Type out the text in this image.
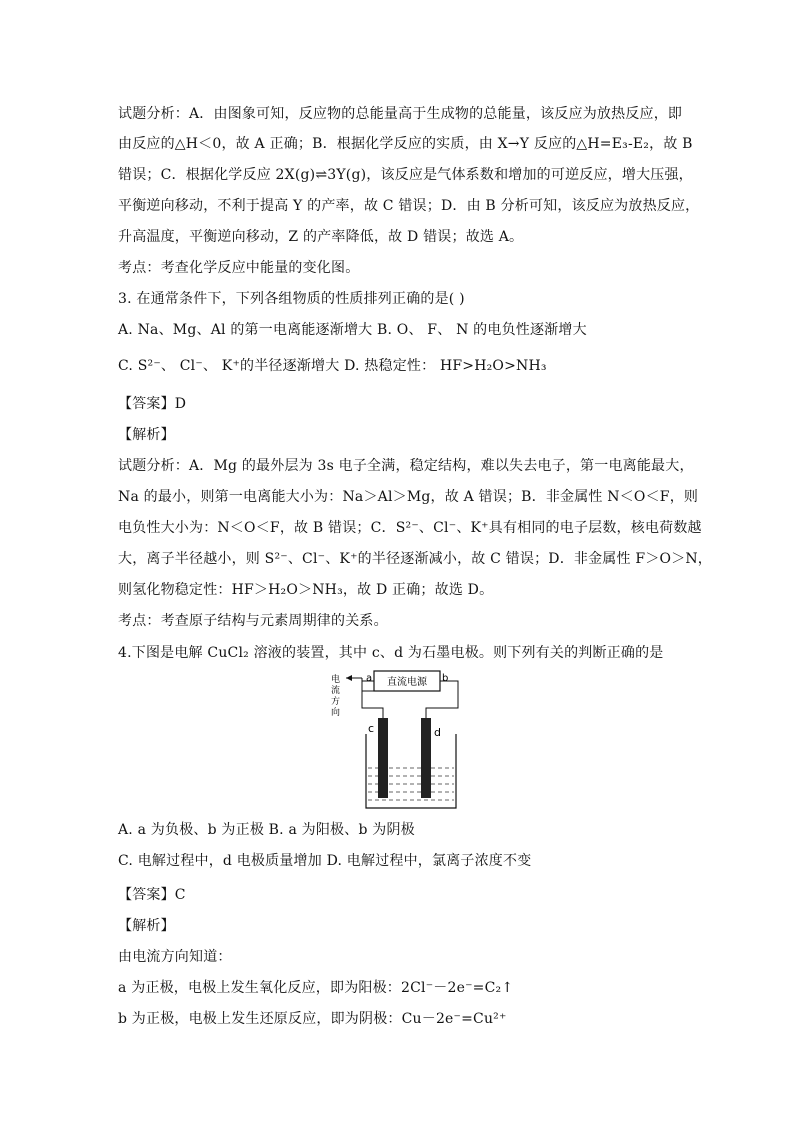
试题分析：A．由图象可知，反应物的总能量高于生成物的总能量，该反应为放热反应，即
由反应的△H＜0，故 A 正确；B．根据化学反应的实质，由 X→Y 反应的△H=E₃-E₂，故 B
错误；C．根据化学反应 2X(g)⇌3Y(g)，该反应是气体系数和增加的可逆反应，增大压强，
平衡逆向移动，不利于提高 Y 的产率，故 C 错误；D．由 B 分析可知，该反应为放热反应，
升高温度，平衡逆向移动，Z 的产率降低，故 D 错误；故选 A。
考点：考查化学反应中能量的变化图。
3. 在通常条件下，下列各组物质的性质排列正确的是( )
A. Na、Mg、Al 的第一电离能逐渐增大 B. O、 F、 N 的电负性逐渐增大
C. S²⁻、 Cl⁻、 K⁺的半径逐渐增大 D. 热稳定性： HF>H₂O>NH₃
【答案】D
【解析】
试题分析：A．Mg 的最外层为 3s 电子全满，稳定结构，难以失去电子，第一电离能最大，
Na 的最小，则第一电离能大小为：Na＞Al＞Mg，故 A 错误；B．非金属性 N＜O＜F，则
电负性大小为：N＜O＜F，故 B 错误；C．S²⁻、Cl⁻、K⁺具有相同的电子层数，核电荷数越
大，离子半径越小，则 S²⁻、Cl⁻、K⁺的半径逐渐减小，故 C 错误；D．非金属性 F＞O＞N，
则氢化物稳定性：HF＞H₂O＞NH₃，故 D 正确；故选 D。
考点：考查原子结构与元素周期律的关系。
4.下图是电解 CuCl₂ 溶液的装置，其中 c、d 为石墨电极。则下列有关的判断正确的是
电
流
方
向
直流电源
a	b
c	d
A. a 为负极、b 为正极 B. a 为阳极、b 为阴极
C. 电解过程中，d 电极质量增加 D. 电解过程中，氯离子浓度不变
【答案】C
【解析】
由电流方向知道：
a 为正极，电极上发生氧化反应，即为阳极：2Cl⁻－2e⁻=C₂↑
b 为正极，电极上发生还原反应，即为阴极：Cu－2e⁻=Cu²⁺
